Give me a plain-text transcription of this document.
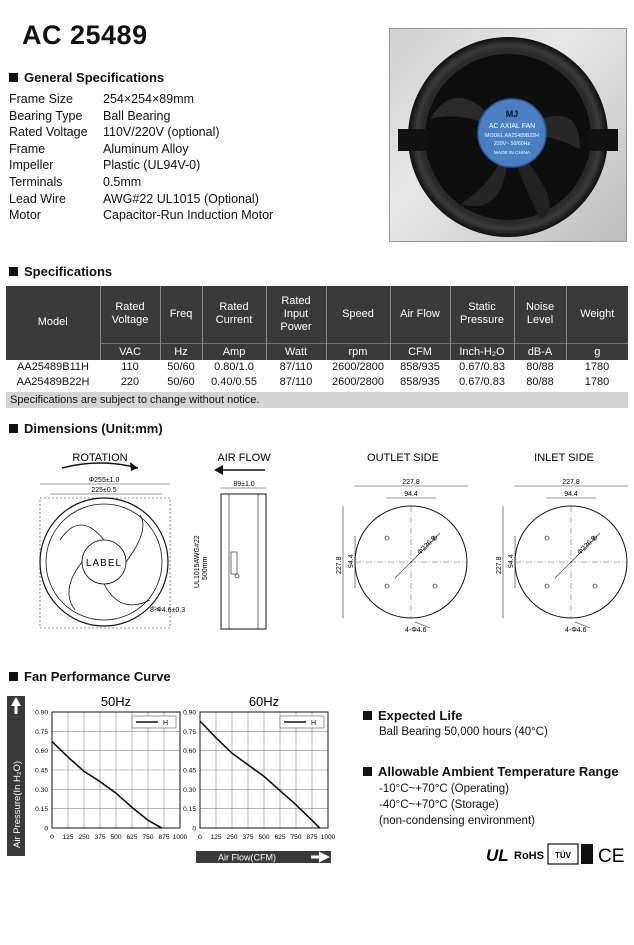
AC 25489
General Specifications
Frame Size	254×254×89mm
Bearing Type	Ball Bearing
Rated Voltage	110V/220V (optional)
Frame	Aluminum Alloy
Impeller	Plastic (UL94V-0)
Terminals	0.5mm
Lead Wire	AWG#22 UL1015 (Optional)
Motor	Capacitor-Run Induction Motor
MJ
AC AXIAL FAN
MODEL AA25489B22H
220V~ 50/60Hz
MADE IN CHINA
Specifications
Model	Rated Voltage	Freq	Rated Current	Rated Input Power	Speed	Air Flow	Static Pressure	Noise Level	Weight
	VAC	Hz	Amp	Watt	rpm	CFM	Inch-H₂O	dB-A	g
AA25489B11H	110	50/60	0.80/1.0	87/110	2600/2800	858/935	0.67/0.83	80/88	1780
AA25489B22H	220	50/60	0.40/0.55	87/110	2600/2800	858/935	0.67/0.83	80/88	1780
Specifications are subject to change without notice.
Dimensions (Unit:mm)
ROTATION
Φ255±1.0
225±0.5
LABEL
8-Φ4.6±0.3
AIR FLOW
89±1.0
UL1015AWG#22 500mm
OUTLET SIDE
227.8
94.4
227.8 94.4
Φ236.9
4-Φ4.6
INLET SIDE
227.8
94.4
227.8 94.4
Φ236.9
4-Φ4.6
Fan Performance Curve
Air Pressure(In H₂O)
Air Flow(CFM)
50Hz
0 125 250 375 500 625 750 875 1000
0
0.15
0.30
0.45
0.60
0.75
0.90
H
60Hz
0 125 250 375 500 625 750 875 1000
0
0.15
0.30
0.45
0.60
0.75
0.90
H
Expected Life
Ball Bearing 50,000 hours (40°C)
Allowable Ambient Temperature Range
-10°C~+70°C (Operating)
-40°C~+70°C (Storage)
(non-condensing environment)
UL RoHS TÜV CE
